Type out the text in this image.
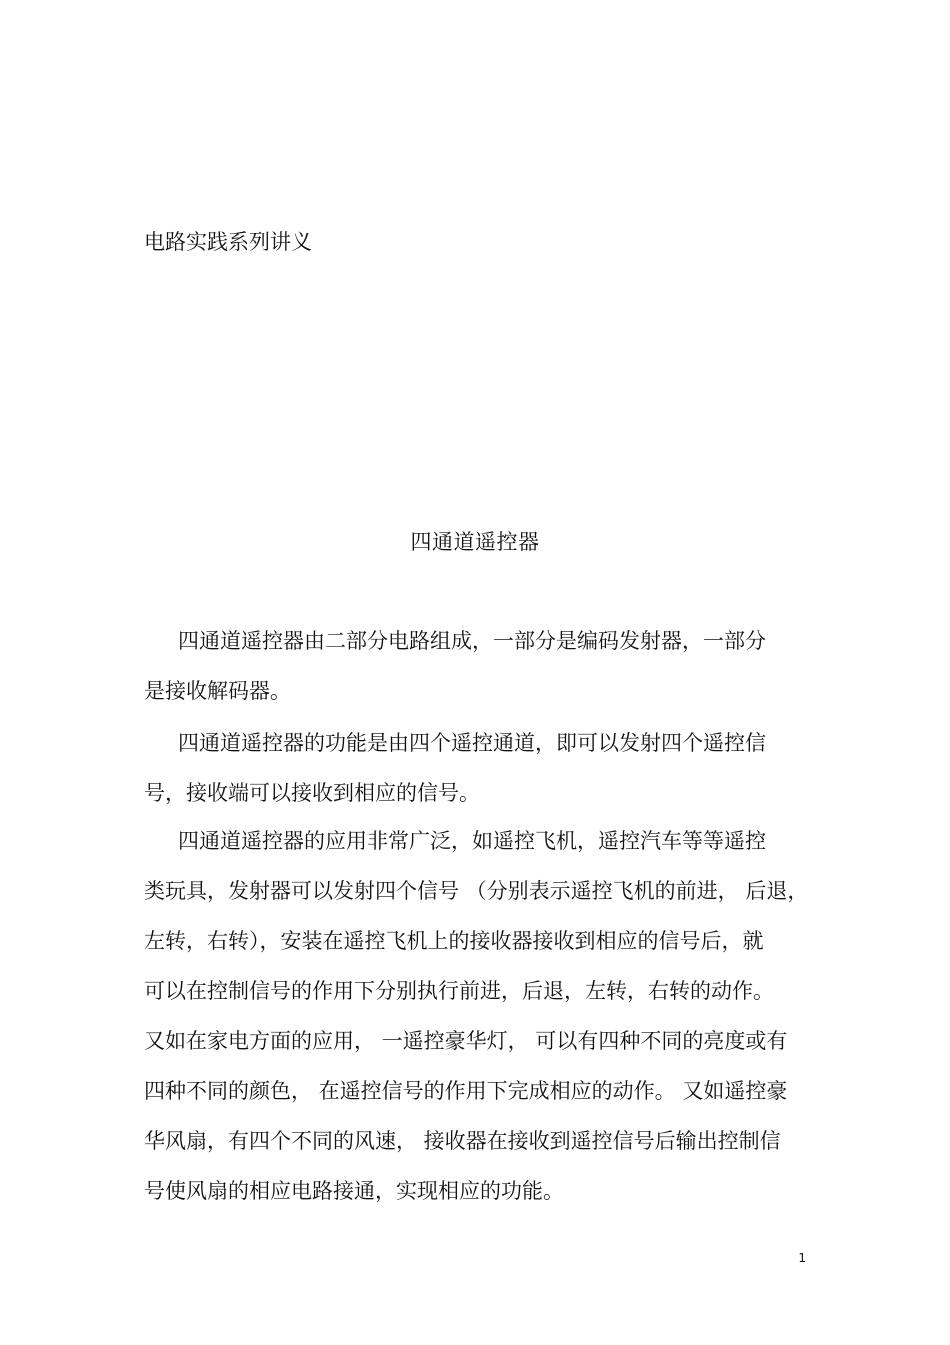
电路实践系列讲义
四通道遥控器
四通道遥控器由二部分电路组成，一部分是编码发射器，一部分
是接收解码器。
四通道遥控器的功能是由四个遥控通道，即可以发射四个遥控信
号，接收端可以接收到相应的信号。
四通道遥控器的应用非常广泛，如遥控飞机，遥控汽车等等遥控
类玩具，发射器可以发射四个信号 （分别表示遥控飞机的前进， 后退，
左转，右转），安装在遥控飞机上的接收器接收到相应的信号后，就
可以在控制信号的作用下分别执行前进，后退，左转，右转的动作。
又如在家电方面的应用， 一遥控豪华灯， 可以有四种不同的亮度或有
四种不同的颜色， 在遥控信号的作用下完成相应的动作。 又如遥控豪
华风扇，有四个不同的风速， 接收器在接收到遥控信号后输出控制信
号使风扇的相应电路接通，实现相应的功能。
1
